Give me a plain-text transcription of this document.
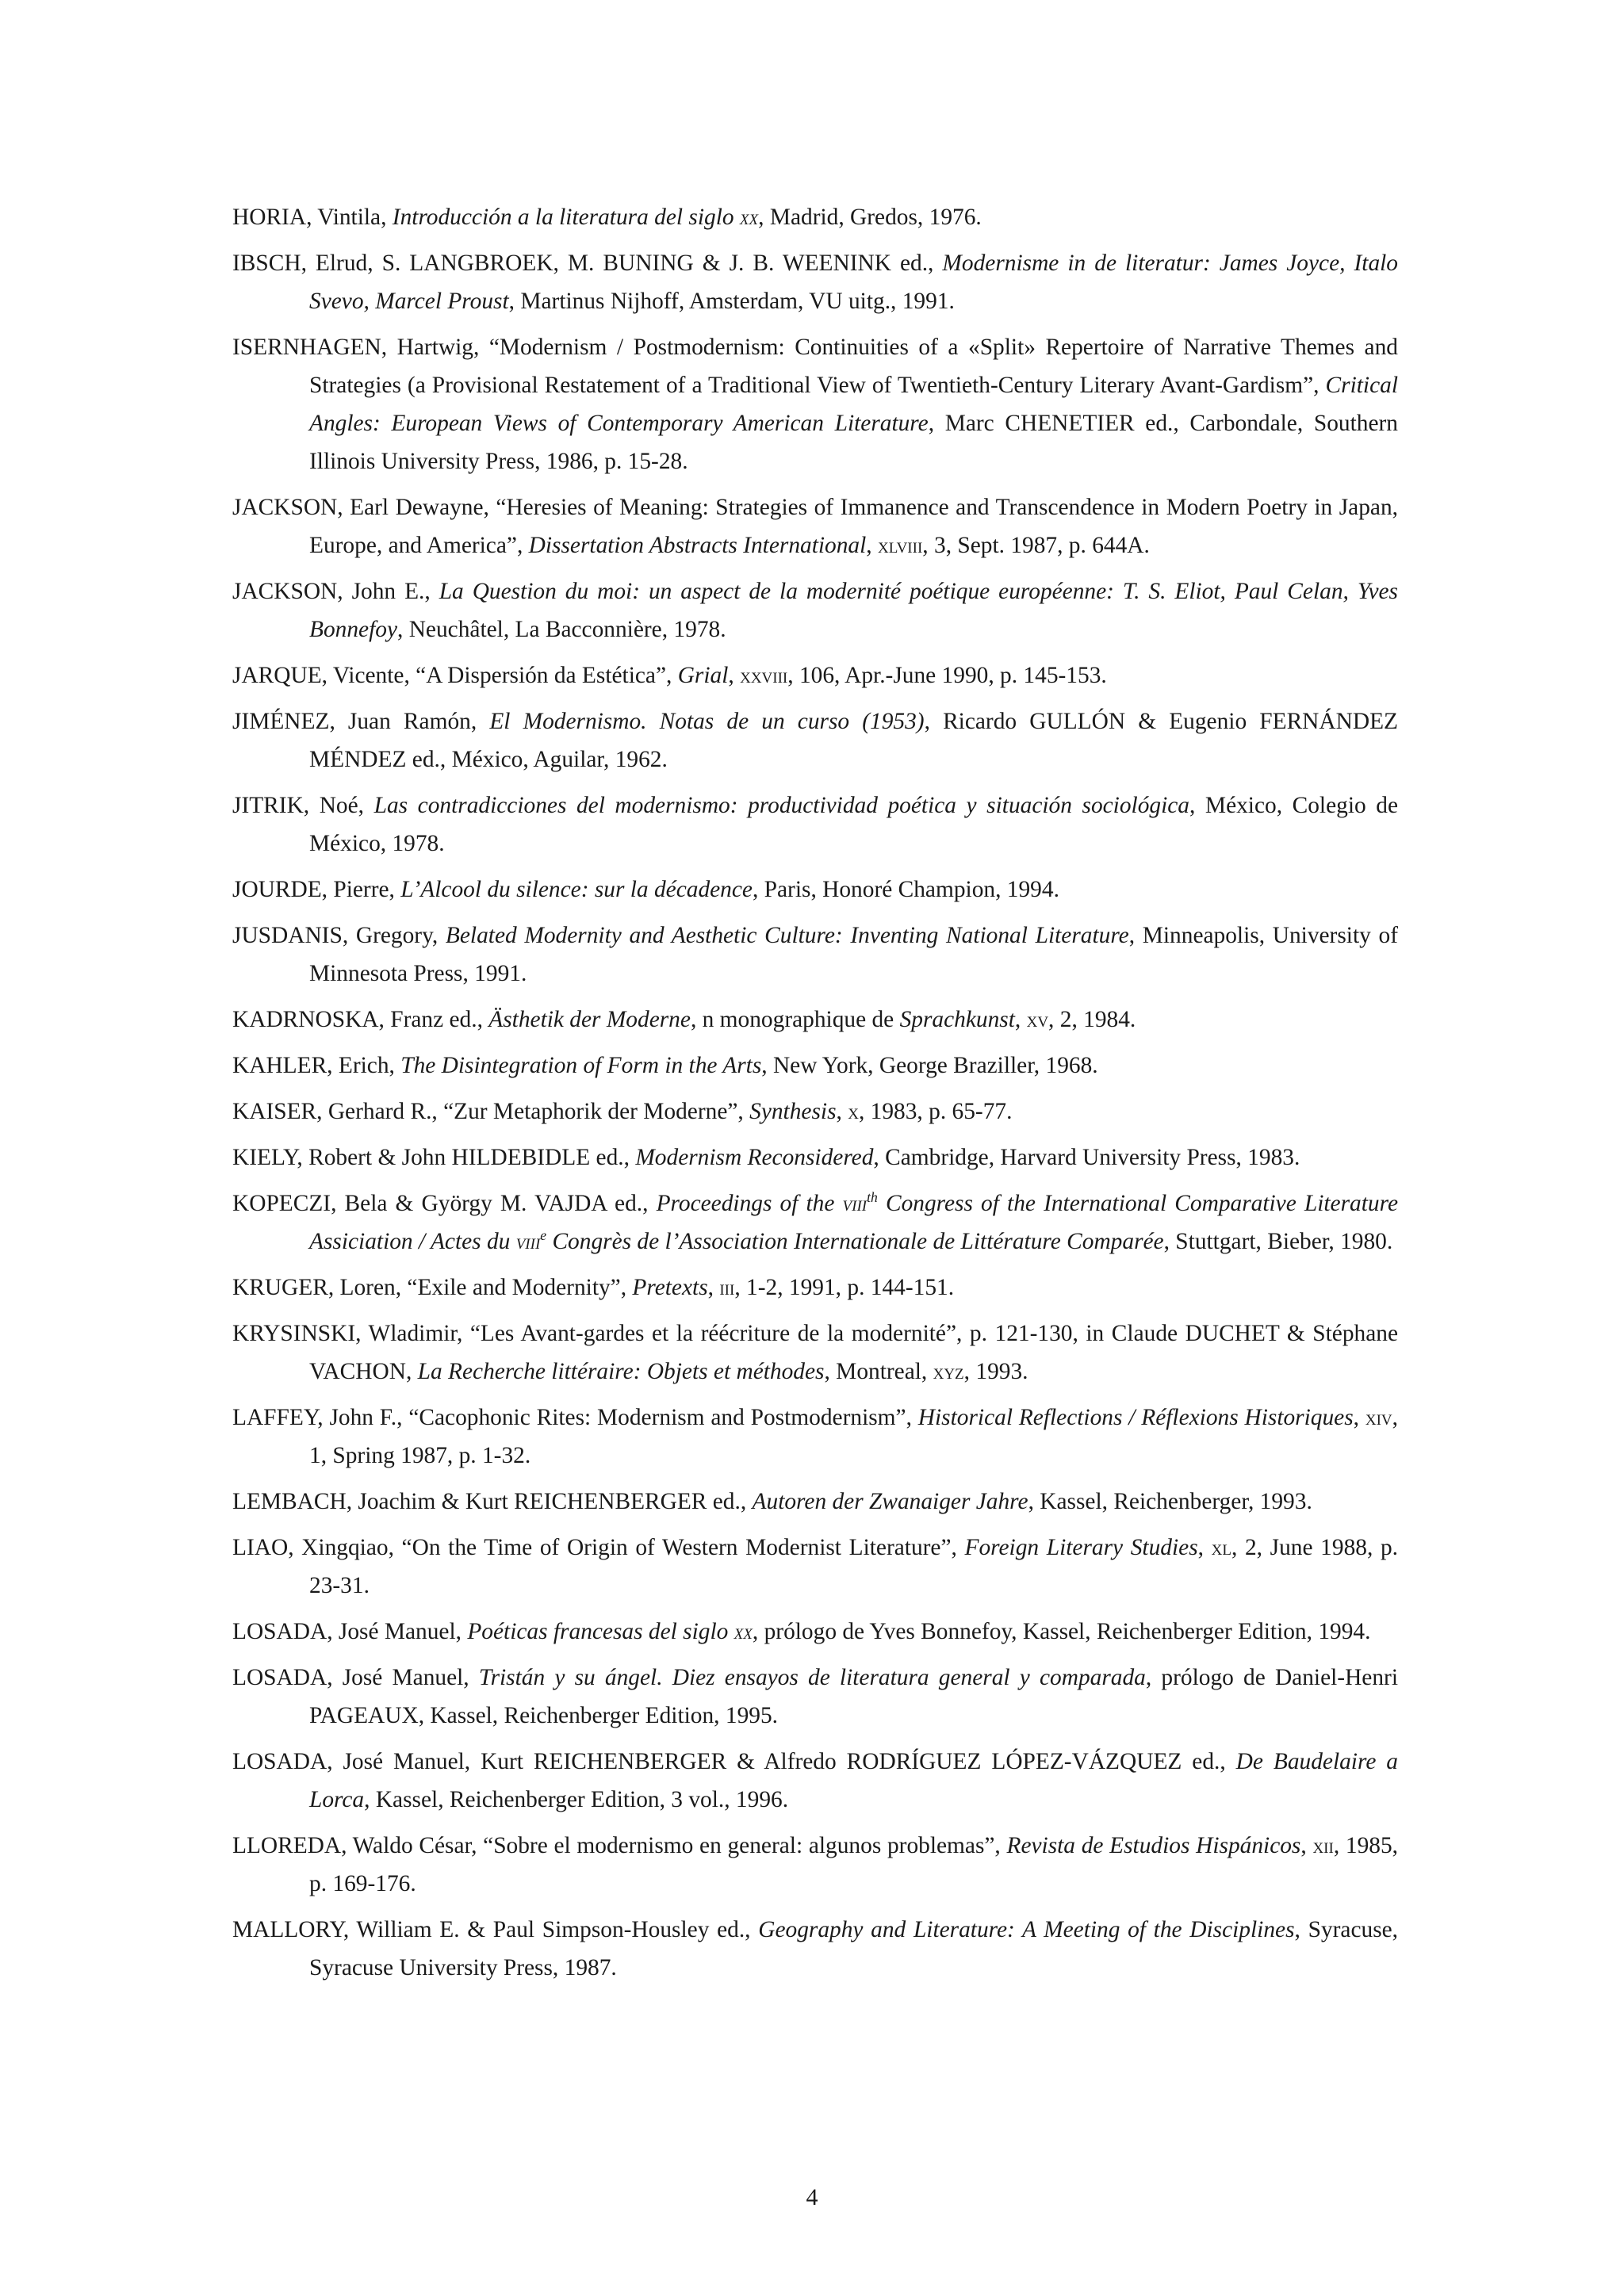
HORIA, Vintila, Introducción a la literatura del siglo xx, Madrid, Gredos, 1976.

IBSCH, Elrud, S. LANGBROEK, M. BUNING & J. B. WEENINK ed., Modernisme in de literatur: James Joyce, Italo Svevo, Marcel Proust, Martinus Nijhoff, Amsterdam, VU uitg., 1991.

ISERNHAGEN, Hartwig, “Modernism / Postmodernism: Continuities of a «Split» Repertoire of Narrative Themes and Strategies (a Provisional Restatement of a Traditional View of Twentieth-Century Literary Avant-Gardism”, Critical Angles: European Views of Contemporary American Literature, Marc CHENETIER ed., Carbondale, Southern Illinois University Press, 1986, p. 15-28.

JACKSON, Earl Dewayne, “Heresies of Meaning: Strategies of Immanence and Transcendence in Modern Poetry in Japan, Europe, and America”, Dissertation Abstracts International, xlviii, 3, Sept. 1987, p. 644A.

JACKSON, John E., La Question du moi: un aspect de la modernité poétique européenne: T. S. Eliot, Paul Celan, Yves Bonnefoy, Neuchâtel, La Bacconnière, 1978.

JARQUE, Vicente, “A Dispersión da Estética”, Grial, xxviii, 106, Apr.-June 1990, p. 145-153.

JIMÉNEZ, Juan Ramón, El Modernismo. Notas de un curso (1953), Ricardo GULLÓN & Eugenio FERNÁNDEZ MÉNDEZ ed., México, Aguilar, 1962.

JITRIK, Noé, Las contradicciones del modernismo: productividad poética y situación sociológica, México, Colegio de México, 1978.

JOURDE, Pierre, L’Alcool du silence: sur la décadence, Paris, Honoré Champion, 1994.

JUSDANIS, Gregory, Belated Modernity and Aesthetic Culture: Inventing National Literature, Minneapolis, University of Minnesota Press, 1991.

KADRNOSKA, Franz ed., Ästhetik der Moderne, n monographique de Sprachkunst, xv, 2, 1984.

KAHLER, Erich, The Disintegration of Form in the Arts, New York, George Braziller, 1968.

KAISER, Gerhard R., “Zur Metaphorik der Moderne”, Synthesis, x, 1983, p. 65-77.

KIELY, Robert & John HILDEBIDLE ed., Modernism Reconsidered, Cambridge, Harvard University Press, 1983.

KOPECZI, Bela & György M. VAJDA ed., Proceedings of the viii$^{th}$ Congress of the International Comparative Literature Assiciation / Actes du viii$^e$ Congrès de l’Association Internationale de Littérature Comparée, Stuttgart, Bieber, 1980.

KRUGER, Loren, “Exile and Modernity”, Pretexts, iii, 1-2, 1991, p. 144-151.

KRYSINSKI, Wladimir, “Les Avant-gardes et la réécriture de la modernité”, p. 121-130, in Claude DUCHET & Stéphane VACHON, La Recherche littéraire: Objets et méthodes, Montreal, xyz, 1993.

LAFFEY, John F., “Cacophonic Rites: Modernism and Postmodernism”, Historical Reflections / Réflexions Historiques, xiv, 1, Spring 1987, p. 1-32.

LEMBACH, Joachim & Kurt REICHENBERGER ed., Autoren der Zwanaiger Jahre, Kassel, Reichenberger, 1993.

LIAO, Xingqiao, “On the Time of Origin of Western Modernist Literature”, Foreign Literary Studies, xl, 2, June 1988, p. 23-31.

LOSADA, José Manuel, Poéticas francesas del siglo xx, prólogo de Yves Bonnefoy, Kassel, Reichenberger Edition, 1994.

LOSADA, José Manuel, Tristán y su ángel. Diez ensayos de literatura general y comparada, prólogo de Daniel-Henri PAGEAUX, Kassel, Reichenberger Edition, 1995.

LOSADA, José Manuel, Kurt REICHENBERGER & Alfredo RODRÍGUEZ LÓPEZ-VÁZQUEZ ed., De Baudelaire a Lorca, Kassel, Reichenberger Edition, 3 vol., 1996.

LLOREDA, Waldo César, “Sobre el modernismo en general: algunos problemas”, Revista de Estudios Hispánicos, xii, 1985, p. 169-176.

MALLORY, William E. & Paul Simpson-Housley ed., Geography and Literature: A Meeting of the Disciplines, Syracuse, Syracuse University Press, 1987.

4
